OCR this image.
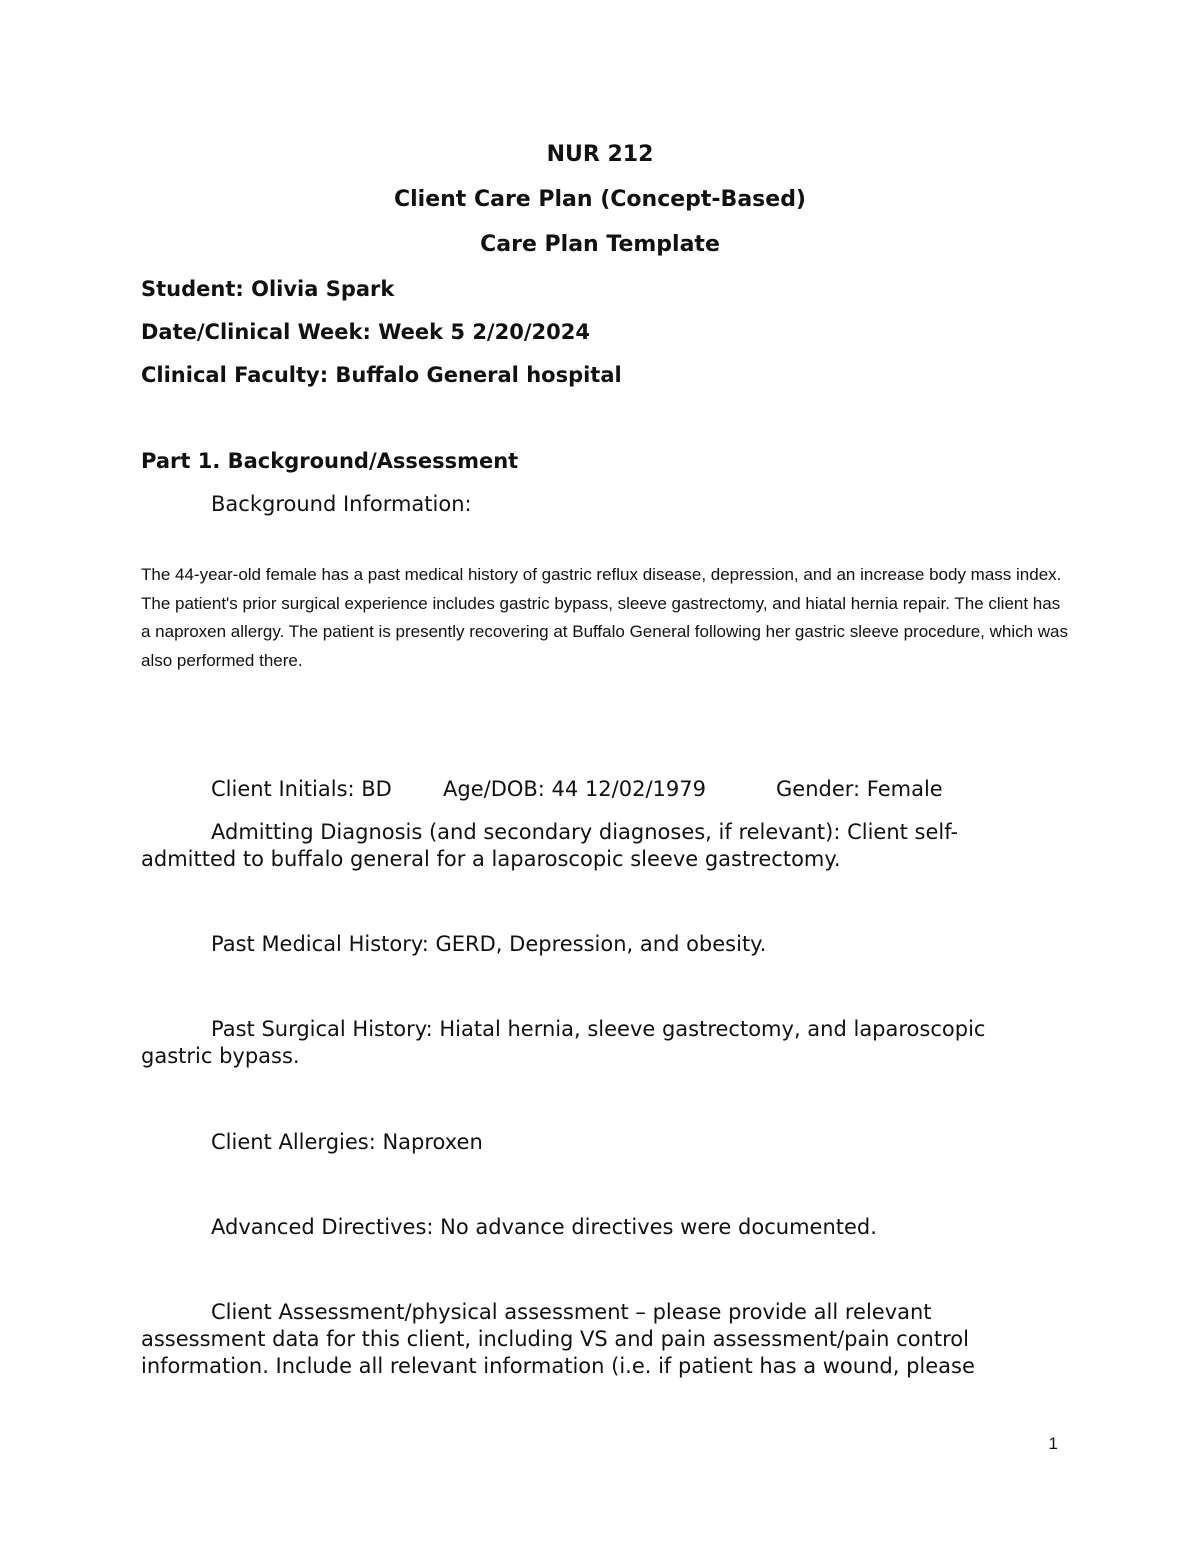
NUR 212
Client Care Plan (Concept-Based)
Care Plan Template
Student: Olivia Spark
Date/Clinical Week: Week 5 2/20/2024
Clinical Faculty: Buffalo General hospital
Part 1. Background/Assessment
Background Information:
The 44-year-old female has a past medical history of gastric reflux disease, depression, and an increase body mass index. The patient's prior surgical experience includes gastric bypass, sleeve gastrectomy, and hiatal hernia repair. The client has a naproxen allergy. The patient is presently recovering at Buffalo General following her gastric sleeve procedure, which was also performed there.
Client Initials: BD Age/DOB: 44 12/02/1979	Gender: Female
Admitting Diagnosis (and secondary diagnoses, if relevant): Client self-
admitted to buffalo general for a laparoscopic sleeve gastrectomy.
Past Medical History: GERD, Depression, and obesity.
Past Surgical History: Hiatal hernia, sleeve gastrectomy, and laparoscopic
gastric bypass.
Client Allergies: Naproxen
Advanced Directives: No advance directives were documented.
Client Assessment/physical assessment – please provide all relevant
assessment data for this client, including VS and pain assessment/pain control
information. Include all relevant information (i.e. if patient has a wound, please
1
